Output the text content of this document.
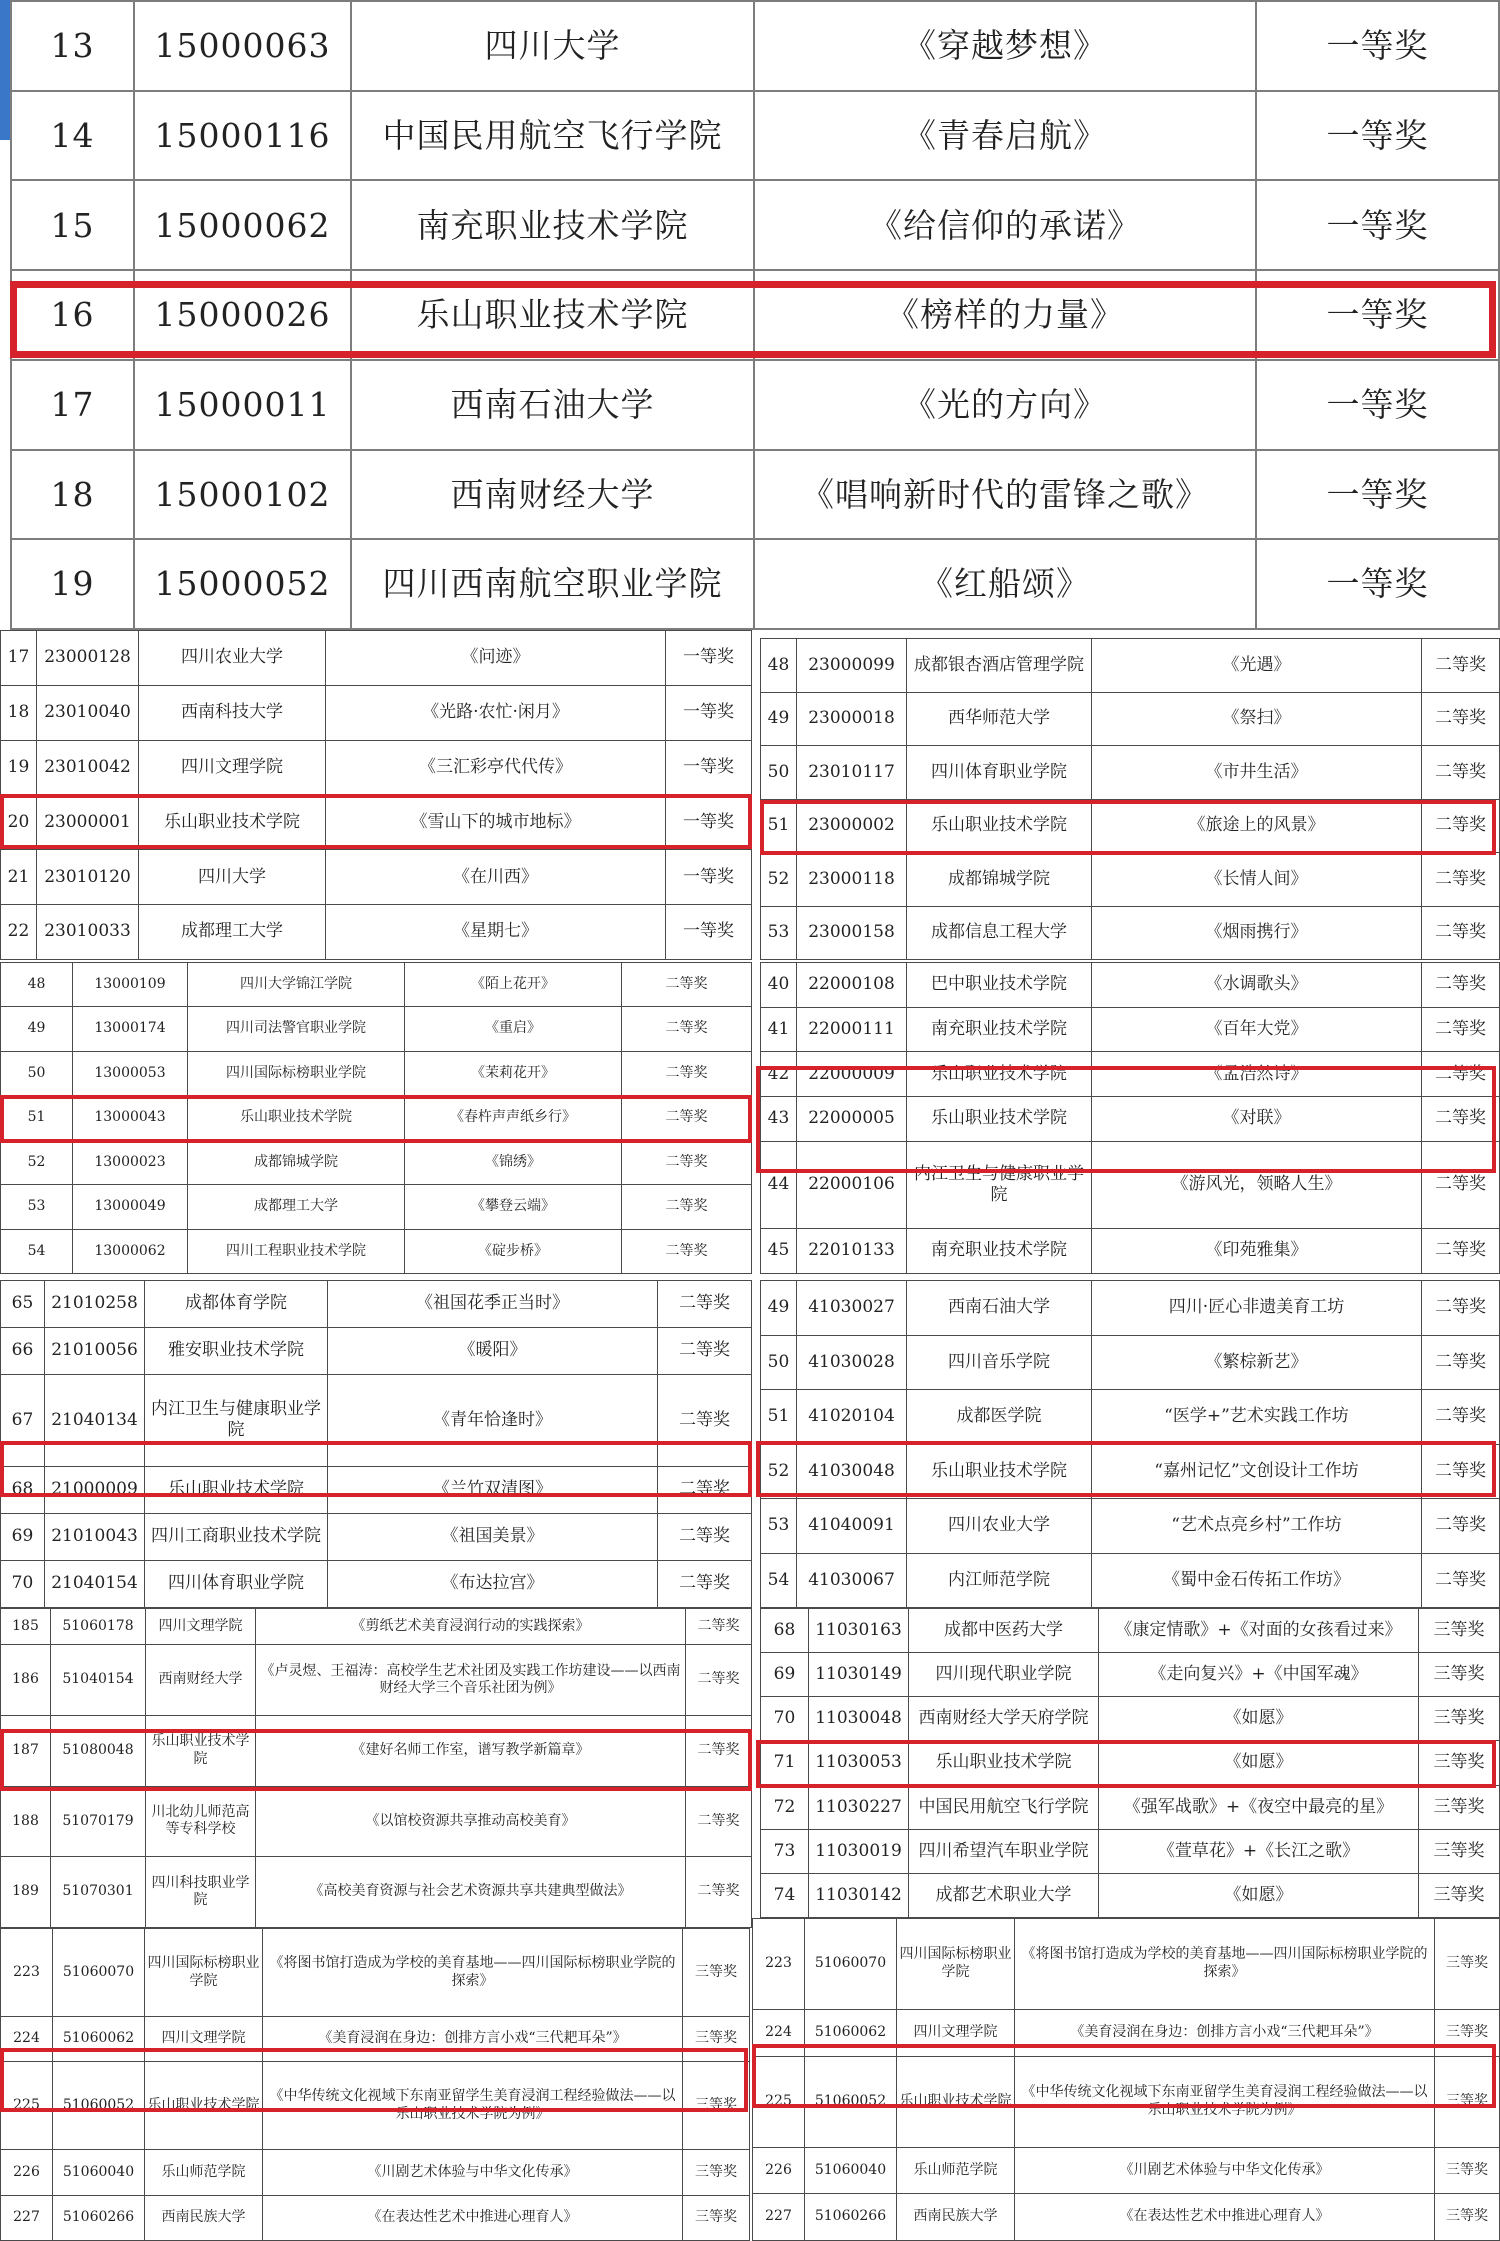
13	15000063	四川大学	《穿越梦想》	一等奖
14	15000116	中国民用航空飞行学院	《青春启航》	一等奖
15	15000062	南充职业技术学院	《给信仰的承诺》	一等奖
16	15000026	乐山职业技术学院	《榜样的力量》	一等奖
17	15000011	西南石油大学	《光的方向》	一等奖
18	15000102	西南财经大学	《唱响新时代的雷锋之歌》	一等奖
19	15000052	四川西南航空职业学院	《红船颂》	一等奖
17	23000128	四川农业大学	《问迹》	一等奖
18	23010040	西南科技大学	《光路·农忙·闲月》	一等奖
19	23010042	四川文理学院	《三汇彩亭代代传》	一等奖
20	23000001	乐山职业技术学院	《雪山下的城市地标》	一等奖
21	23010120	四川大学	《在川西》	一等奖
22	23010033	成都理工大学	《星期七》	一等奖
48	23000099	成都银杏酒店管理学院	《光遇》	二等奖
49	23000018	西华师范大学	《祭扫》	二等奖
50	23010117	四川体育职业学院	《市井生活》	二等奖
51	23000002	乐山职业技术学院	《旅途上的风景》	二等奖
52	23000118	成都锦城学院	《长情人间》	二等奖
53	23000158	成都信息工程大学	《烟雨携行》	二等奖
48	13000109	四川大学锦江学院	《陌上花开》	二等奖
49	13000174	四川司法警官职业学院	《重启》	二等奖
50	13000053	四川国际标榜职业学院	《茉莉花开》	二等奖
51	13000043	乐山职业技术学院	《春杵声声纸乡行》	二等奖
52	13000023	成都锦城学院	《锦绣》	二等奖
53	13000049	成都理工大学	《攀登云端》	二等奖
54	13000062	四川工程职业技术学院	《碇步桥》	二等奖
40	22000108	巴中职业技术学院	《水调歌头》	二等奖
41	22000111	南充职业技术学院	《百年大党》	二等奖
42	22000009	乐山职业技术学院	《孟浩然诗》	二等奖
43	22000005	乐山职业技术学院	《对联》	二等奖
44	22000106	内江卫生与健康职业学院	《游风光，领略人生》	二等奖
45	22010133	南充职业技术学院	《印苑雅集》	二等奖
65	21010258	成都体育学院	《祖国花季正当时》	二等奖
66	21010056	雅安职业技术学院	《暖阳》	二等奖
67	21040134	内江卫生与健康职业学院	《青年恰逢时》	二等奖
68	21000009	乐山职业技术学院	《兰竹双清图》	二等奖
69	21010043	四川工商职业技术学院	《祖国美景》	二等奖
70	21040154	四川体育职业学院	《布达拉宫》	二等奖
49	41030027	西南石油大学	四川·匠心非遗美育工坊	二等奖
50	41030028	四川音乐学院	《繁棕新艺》	二等奖
51	41020104	成都医学院	“医学+”艺术实践工作坊	二等奖
52	41030048	乐山职业技术学院	“嘉州记忆”文创设计工作坊	二等奖
53	41040091	四川农业大学	“艺术点亮乡村”工作坊	二等奖
54	41030067	内江师范学院	《蜀中金石传拓工作坊》	二等奖
185	51060178	四川文理学院	《剪纸艺术美育浸润行动的实践探索》	二等奖
186	51040154	西南财经大学	《卢灵煜、王福涛：高校学生艺术社团及实践工作坊建设——以西南财经大学三个音乐社团为例》	二等奖
187	51080048	乐山职业技术学院	《建好名师工作室，谱写教学新篇章》	二等奖
188	51070179	川北幼儿师范高等专科学校	《以馆校资源共享推动高校美育》	二等奖
189	51070301	四川科技职业学院	《高校美育资源与社会艺术资源共享共建典型做法》	二等奖
68	11030163	成都中医药大学	《康定情歌》+《对面的女孩看过来》	三等奖
69	11030149	四川现代职业学院	《走向复兴》+《中国军魂》	三等奖
70	11030048	西南财经大学天府学院	《如愿》	三等奖
71	11030053	乐山职业技术学院	《如愿》	三等奖
72	11030227	中国民用航空飞行学院	《强军战歌》+《夜空中最亮的星》	三等奖
73	11030019	四川希望汽车职业学院	《萱草花》+《长江之歌》	三等奖
74	11030142	成都艺术职业大学	《如愿》	三等奖
223	51060070	四川国际标榜职业学院	《将图书馆打造成为学校的美育基地——四川国际标榜职业学院的探索》	三等奖
224	51060062	四川文理学院	《美育浸润在身边：创排方言小戏“三代耙耳朵”》	三等奖
225	51060052	乐山职业技术学院	《中华传统文化视域下东南亚留学生美育浸润工程经验做法——以乐山职业技术学院为例》	三等奖
226	51060040	乐山师范学院	《川剧艺术体验与中华文化传承》	三等奖
227	51060266	西南民族大学	《在表达性艺术中推进心理育人》	三等奖
223	51060070	四川国际标榜职业学院	《将图书馆打造成为学校的美育基地——四川国际标榜职业学院的探索》	三等奖
224	51060062	四川文理学院	《美育浸润在身边：创排方言小戏“三代耙耳朵”》	三等奖
225	51060052	乐山职业技术学院	《中华传统文化视域下东南亚留学生美育浸润工程经验做法——以乐山职业技术学院为例》	三等奖
226	51060040	乐山师范学院	《川剧艺术体验与中华文化传承》	三等奖
227	51060266	西南民族大学	《在表达性艺术中推进心理育人》	三等奖
